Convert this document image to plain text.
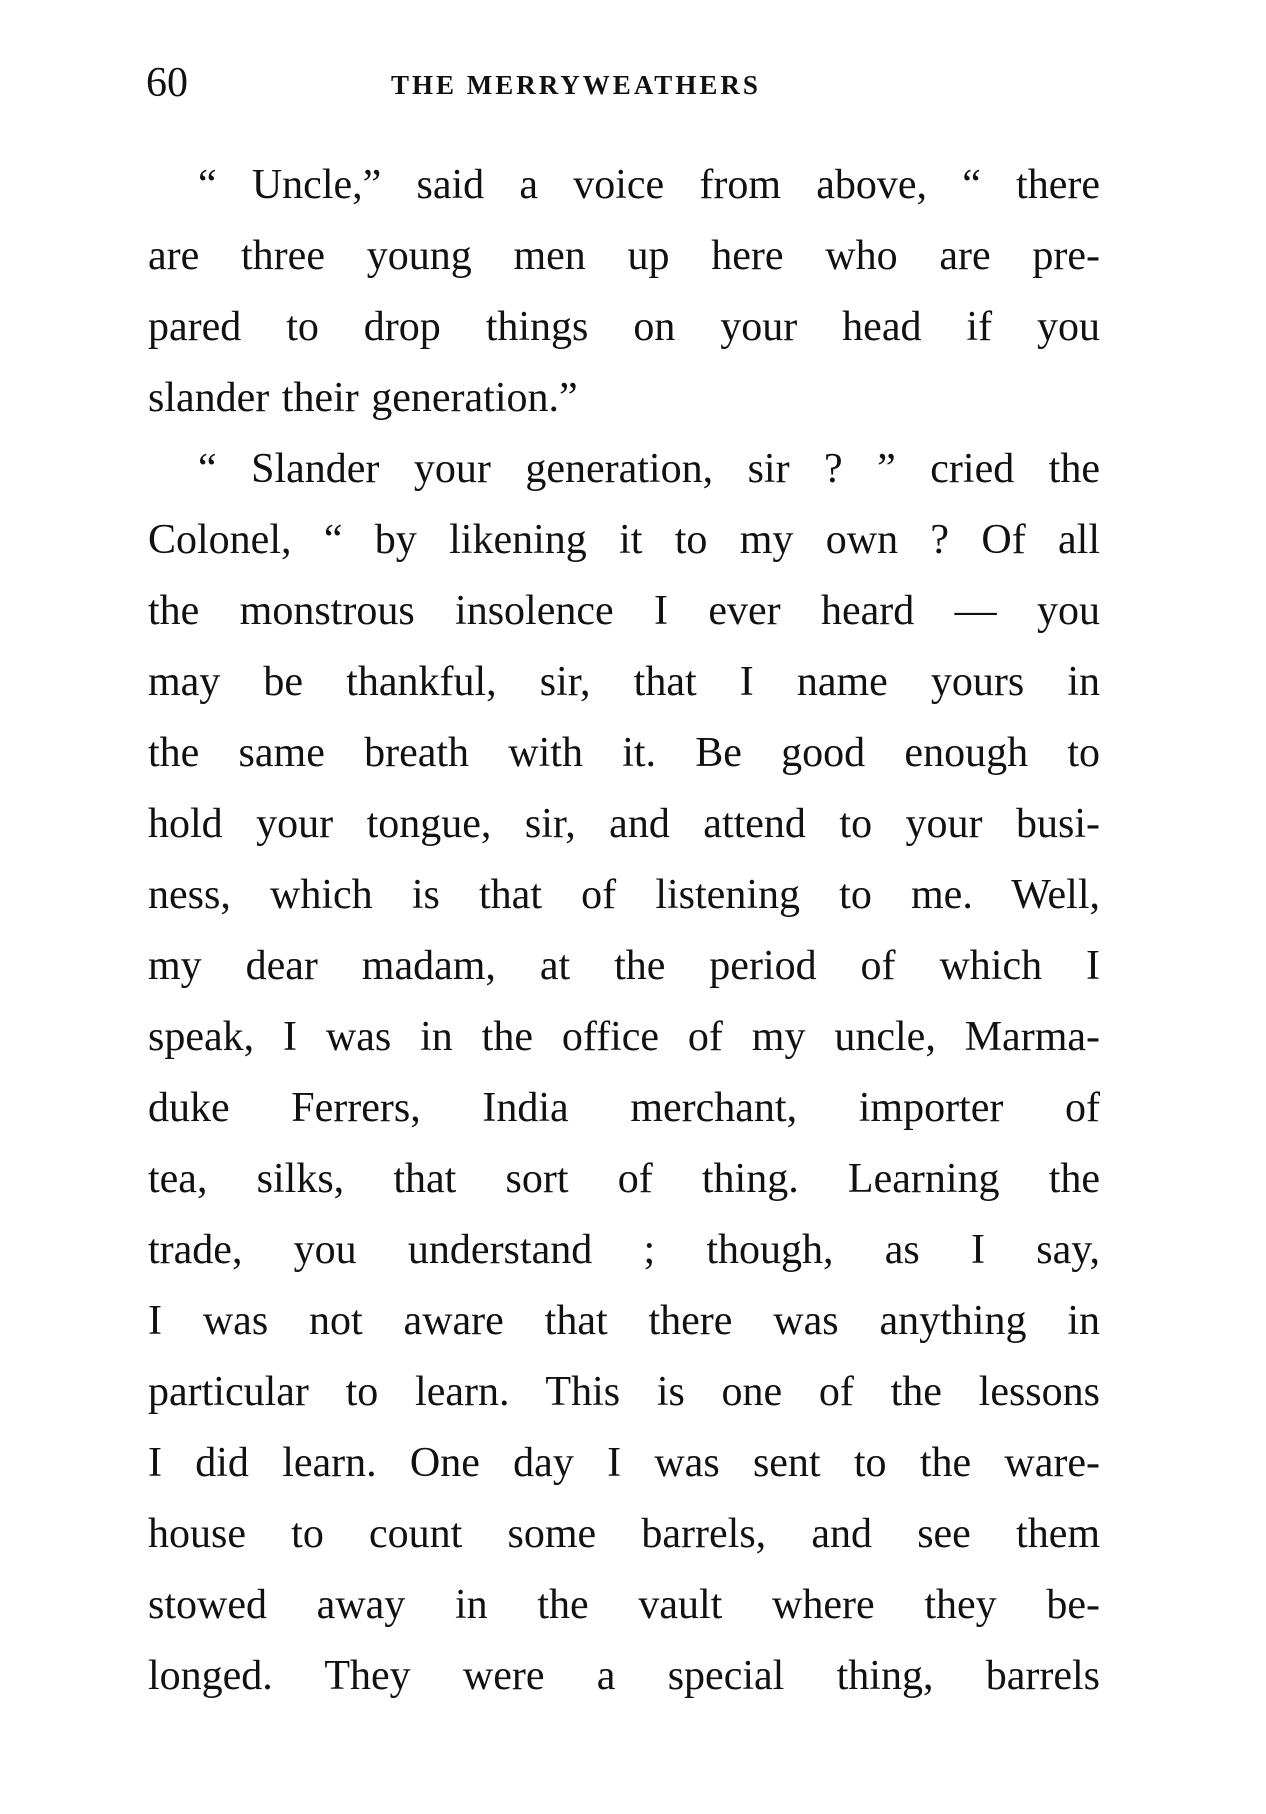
60	THE MERRYWEATHERS
“ Uncle,” said a voice from above, “ there
are three young men up here who are pre-
pared to drop things on your head if you
slander their generation.”
“ Slander your generation, sir ? ” cried the
Colonel, “ by likening it to my own ? Of all
the monstrous insolence I ever heard — you
may be thankful, sir, that I name yours in
the same breath with it. Be good enough to
hold your tongue, sir, and attend to your busi-
ness, which is that of listening to me. Well,
my dear madam, at the period of which I
speak, I was in the office of my uncle, Marma-
duke Ferrers, India merchant, importer of
tea, silks, that sort of thing. Learning the
trade, you understand ; though, as I say,
I was not aware that there was anything in
particular to learn. This is one of the lessons
I did learn. One day I was sent to the ware-
house to count some barrels, and see them
stowed away in the vault where they be-
longed. They were a special thing, barrels
